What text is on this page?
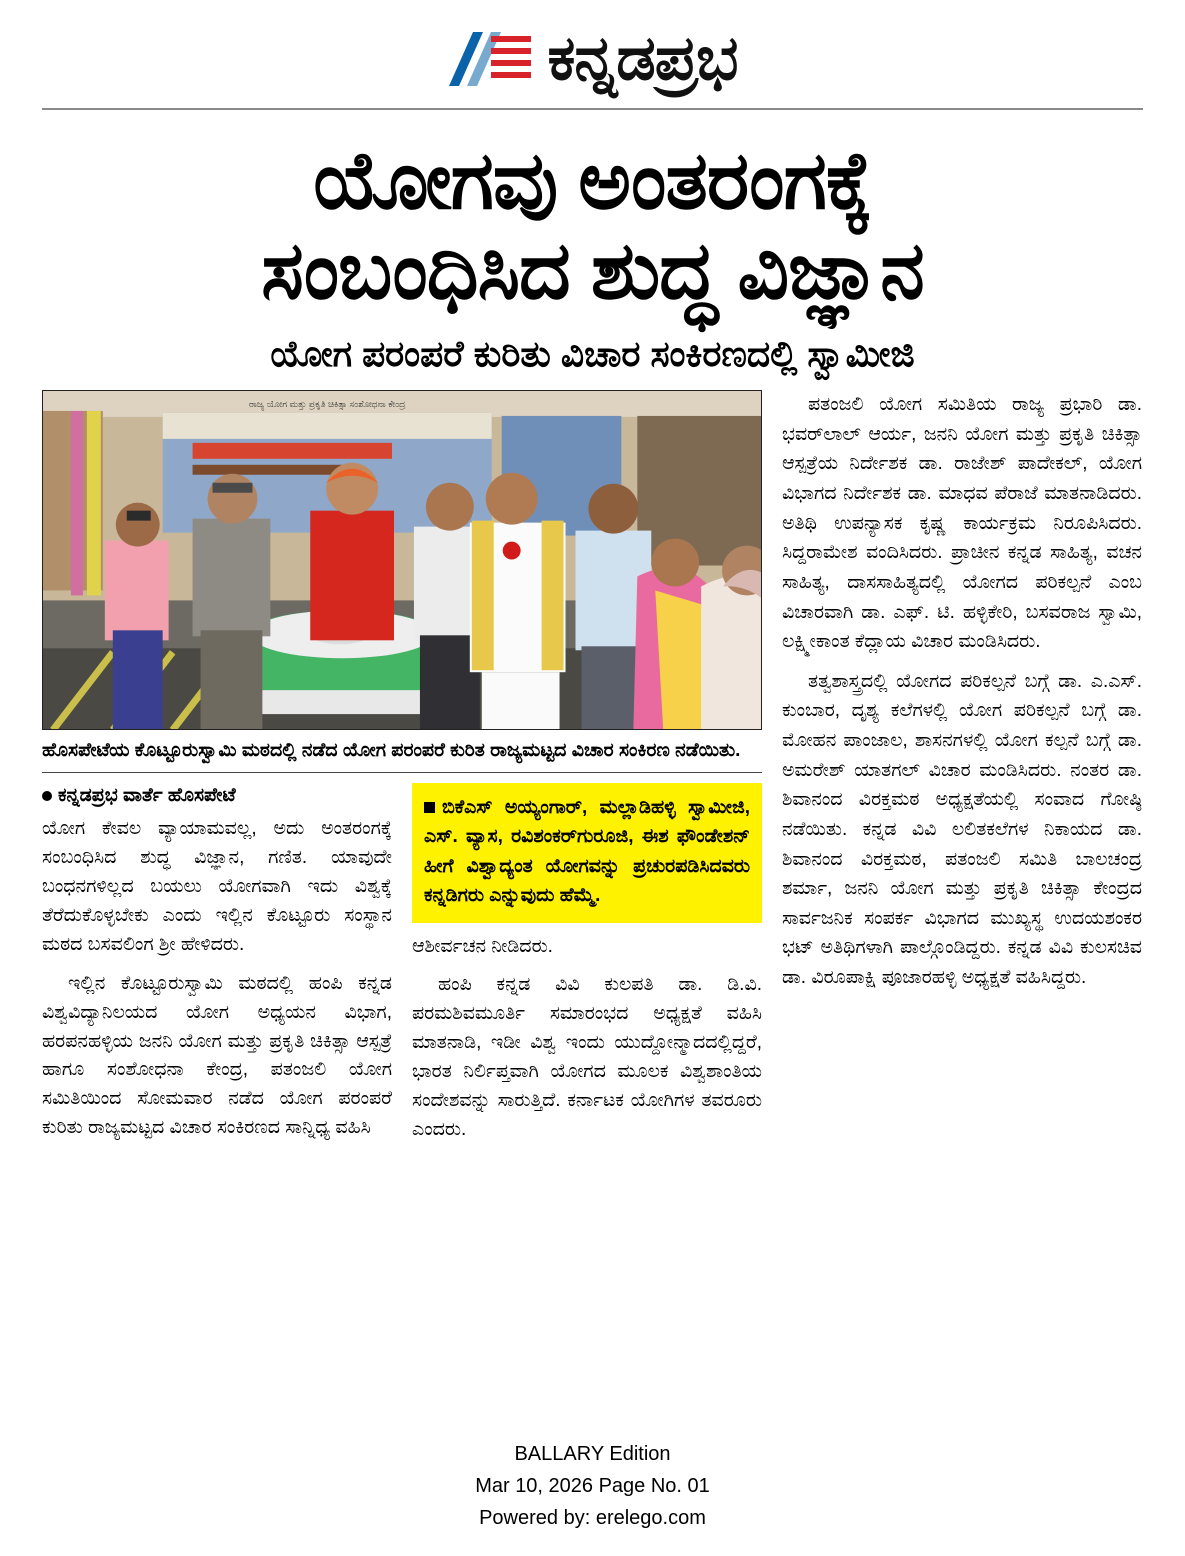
ಕನ್ನಡಪ್ರಭ
ಯೋಗವು ಅಂತರಂಗಕ್ಕೆ
ಸಂಬಂಧಿಸಿದ ಶುದ್ಧ ವಿಜ್ಞಾನ
ಯೋಗ ಪರಂಪರೆ ಕುರಿತು ವಿಚಾರ ಸಂಕಿರಣದಲ್ಲಿ ಸ್ವಾಮೀಜಿ
ರಾಜ್ಯ ಯೋಗ ಮತ್ತು ಪ್ರಕೃತಿ ಚಿಕಿತ್ಸಾ ಸಂಶೋಧನಾ ಕೇಂದ್ರ
ಹೊಸಪೇಟೆಯ ಕೊಟ್ಟೂರುಸ್ವಾಮಿ ಮಠದಲ್ಲಿ ನಡೆದ ಯೋಗ ಪರಂಪರೆ ಕುರಿತ ರಾಜ್ಯಮಟ್ಟದ ವಿಚಾರ ಸಂಕಿರಣ ನಡೆಯಿತು.
ಕನ್ನಡಪ್ರಭ ವಾರ್ತೆ ಹೊಸಪೇಟೆ

ಯೋಗ ಕೇವಲ ವ್ಯಾಯಾಮವಲ್ಲ, ಅದು ಅಂತರಂಗಕ್ಕೆ ಸಂಬಂಧಿಸಿದ ಶುದ್ಧ ವಿಜ್ಞಾನ, ಗಣಿತ. ಯಾವುದೇ ಬಂಧನಗಳಿಲ್ಲದ ಬಯಲು ಯೋಗವಾಗಿ ಇದು ವಿಶ್ವಕ್ಕೆ ತೆರೆದುಕೊಳ್ಳಬೇಕು ಎಂದು ಇಲ್ಲಿನ ಕೊಟ್ಟೂರು ಸಂಸ್ಥಾನ ಮಠದ ಬಸವಲಿಂಗ ಶ್ರೀ ಹೇಳಿದರು.

ಇಲ್ಲಿನ ಕೊಟ್ಟೂರುಸ್ವಾಮಿ ಮಠದಲ್ಲಿ ಹಂಪಿ ಕನ್ನಡ ವಿಶ್ವವಿದ್ಯಾನಿಲಯದ ಯೋಗ ಅಧ್ಯಯನ ವಿಭಾಗ, ಹರಪನಹಳ್ಳಿಯ ಜನನಿ ಯೋಗ ಮತ್ತು ಪ್ರಕೃತಿ ಚಿಕಿತ್ಸಾ ಆಸ್ಪತ್ರೆ ಹಾಗೂ ಸಂಶೋಧನಾ ಕೇಂದ್ರ, ಪತಂಜಲಿ ಯೋಗ ಸಮಿತಿಯಿಂದ ಸೋಮವಾರ ನಡೆದ ಯೋಗ ಪರಂಪರೆ ಕುರಿತು ರಾಜ್ಯಮಟ್ಟದ ವಿಚಾರ ಸಂಕಿರಣದ ಸಾನ್ನಿಧ್ಯ ವಹಿಸಿ

ಬಿಕೆಎಸ್ ಅಯ್ಯಂಗಾರ್, ಮಲ್ಲಾಡಿಹಳ್ಳಿ ಸ್ವಾಮೀಜಿ, ಎಸ್. ವ್ಯಾಸ, ರವಿಶಂಕರ್‌ಗುರೂಜಿ, ಈಶ ಫೌಂಡೇಶನ್ ಹೀಗೆ ವಿಶ್ವಾದ್ಯಂತ ಯೋಗವನ್ನು ಪ್ರಚುರಪಡಿಸಿದವರು ಕನ್ನಡಿಗರು ಎನ್ನುವುದು ಹೆಮ್ಮೆ.

ಆಶೀರ್ವಚನ ನೀಡಿದರು.

ಹಂಪಿ ಕನ್ನಡ ವಿವಿ ಕುಲಪತಿ ಡಾ. ಡಿ.ವಿ. ಪರಮಶಿವಮೂರ್ತಿ ಸಮಾರಂಭದ ಅಧ್ಯಕ್ಷತೆ ವಹಿಸಿ ಮಾತನಾಡಿ, ಇಡೀ ವಿಶ್ವ ಇಂದು ಯುದ್ದೋನ್ಮಾದದಲ್ಲಿದ್ದರೆ, ಭಾರತ ನಿರ್ಲಿಪ್ತವಾಗಿ ಯೋಗದ ಮೂಲಕ ವಿಶ್ವಶಾಂತಿಯ ಸಂದೇಶವನ್ನು ಸಾರುತ್ತಿದೆ. ಕರ್ನಾಟಕ ಯೋಗಿಗಳ ತವರೂರು ಎಂದರು.

ಪತಂಜಲಿ ಯೋಗ ಸಮಿತಿಯ ರಾಜ್ಯ ಪ್ರಭಾರಿ ಡಾ. ಭವರ್‌ಲಾಲ್ ಆರ್ಯ, ಜನನಿ ಯೋಗ ಮತ್ತು ಪ್ರಕೃತಿ ಚಿಕಿತ್ಸಾ ಆಸ್ಪತ್ರೆಯ ನಿರ್ದೇಶಕ ಡಾ. ರಾಜೇಶ್ ಪಾದೇಕಲ್, ಯೋಗ ವಿಭಾಗದ ನಿರ್ದೇಶಕ ಡಾ. ಮಾಧವ ಪೆರಾಜೆ ಮಾತನಾಡಿದರು. ಅತಿಥಿ ಉಪನ್ಯಾಸಕ ಕೃಷ್ಣ ಕಾರ್ಯಕ್ರಮ ನಿರೂಪಿಸಿದರು. ಸಿದ್ದರಾಮೇಶ ವಂದಿಸಿದರು. ಪ್ರಾಚೀನ ಕನ್ನಡ ಸಾಹಿತ್ಯ, ವಚನ ಸಾಹಿತ್ಯ, ದಾಸಸಾಹಿತ್ಯದಲ್ಲಿ ಯೋಗದ ಪರಿಕಲ್ಪನೆ ಎಂಬ ವಿಚಾರವಾಗಿ ಡಾ. ಎಫ್. ಟಿ. ಹಳ್ಳಿಕೇರಿ, ಬಸವರಾಜ ಸ್ವಾಮಿ, ಲಕ್ಷ್ಮೀಕಾಂತ ಕೆದ್ಲಾಯ ವಿಚಾರ ಮಂಡಿಸಿದರು.

ತತ್ವಶಾಸ್ತ್ರದಲ್ಲಿ ಯೋಗದ ಪರಿಕಲ್ಪನೆ ಬಗ್ಗೆ ಡಾ. ಎ.ಎಸ್. ಕುಂಬಾರ, ದೃಶ್ಯ ಕಲೆಗಳಲ್ಲಿ ಯೋಗ ಪರಿಕಲ್ಪನೆ ಬಗ್ಗೆ ಡಾ. ಮೋಹನ ಪಾಂಜಾಲ, ಶಾಸನಗಳಲ್ಲಿ ಯೋಗ ಕಲ್ಪನೆ ಬಗ್ಗೆ ಡಾ. ಅಮರೇಶ್ ಯಾತಗಲ್ ವಿಚಾರ ಮಂಡಿಸಿದರು. ನಂತರ ಡಾ. ಶಿವಾನಂದ ವಿರಕ್ತಮಠ ಅಧ್ಯಕ್ಷತೆಯಲ್ಲಿ ಸಂವಾದ ಗೋಷ್ಠಿ ನಡೆಯಿತು. ಕನ್ನಡ ವಿವಿ ಲಲಿತಕಲೆಗಳ ನಿಕಾಯದ ಡಾ. ಶಿವಾನಂದ ವಿರಕ್ತಮಠ, ಪತಂಜಲಿ ಸಮಿತಿ ಬಾಲಚಂದ್ರ ಶರ್ಮಾ, ಜನನಿ ಯೋಗ ಮತ್ತು ಪ್ರಕೃತಿ ಚಿಕಿತ್ಸಾ ಕೇಂದ್ರದ ಸಾರ್ವಜನಿಕ ಸಂಪರ್ಕ ವಿಭಾಗದ ಮುಖ್ಯಸ್ಥ ಉದಯಶಂಕರ ಭಟ್ ಅತಿಥಿಗಳಾಗಿ ಪಾಲ್ಗೊಂಡಿದ್ದರು. ಕನ್ನಡ ವಿವಿ ಕುಲಸಚಿವ ಡಾ. ವಿರೂಪಾಕ್ಷಿ ಪೂಜಾರಹಳ್ಳಿ ಅಧ್ಯಕ್ಷತೆ ವಹಿಸಿದ್ದರು.

BALLARY Edition
Mar 10, 2026 Page No. 01
Powered by: erelego.com
